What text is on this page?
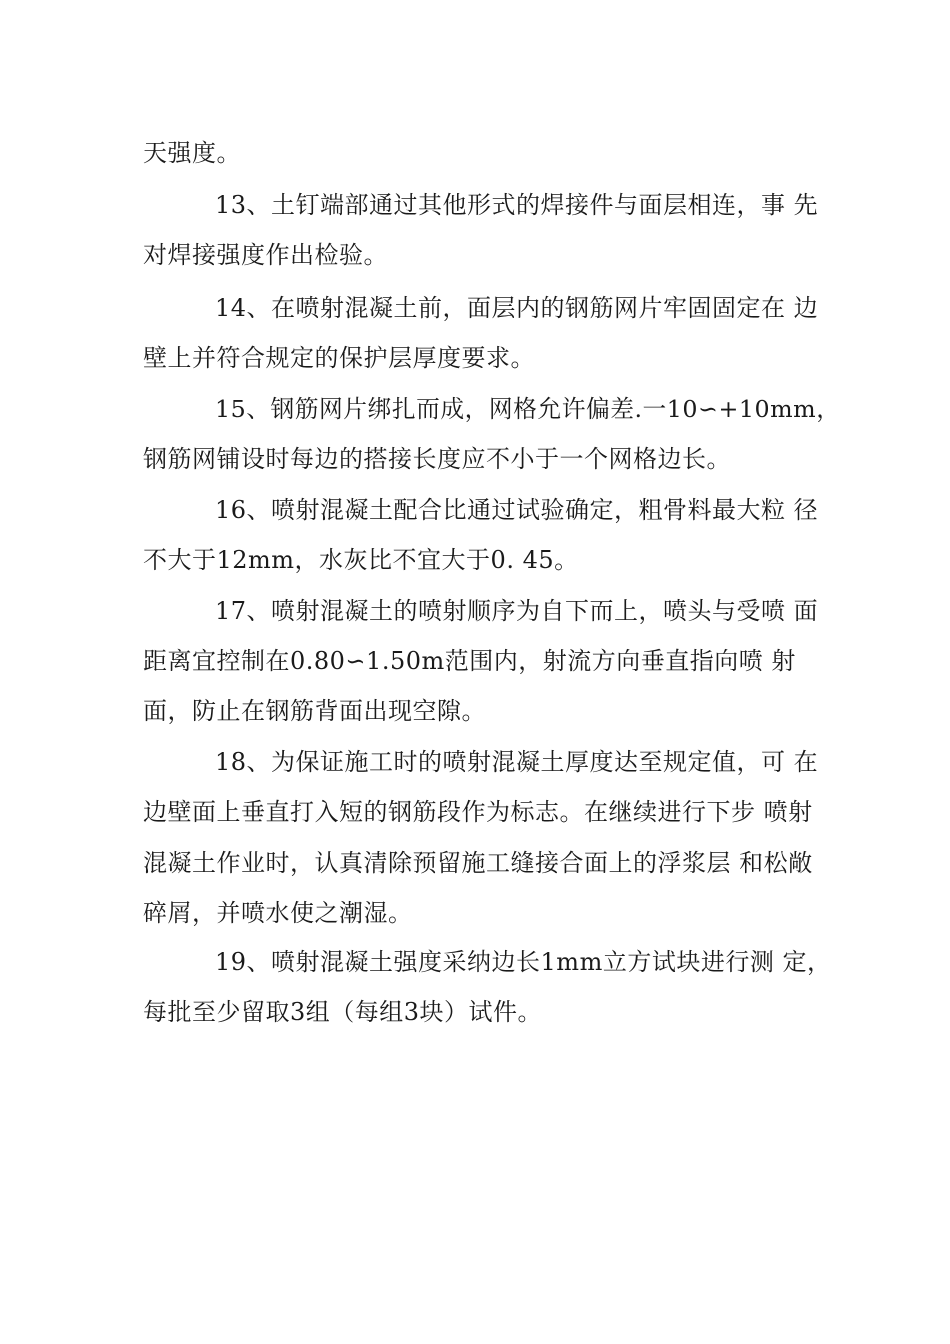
天强度。
13、土钉端部通过其他形式的焊接件与面层相连，事 先
对焊接强度作出检验。
14、在喷射混凝土前，面层内的钢筋网片牢固固定在 边
壁上并符合规定的保护层厚度要求。
15、钢筋网片绑扎而成，网格允许偏差.一10∽+10mm，
钢筋网铺设时每边的搭接长度应不小于一个网格边长。
16、喷射混凝土配合比通过试验确定，粗骨料最大粒 径
不大于12mm，水灰比不宜大于0. 45。
17、喷射混凝土的喷射顺序为自下而上，喷头与受喷 面
距离宜控制在0.80∽1.50m范围内，射流方向垂直指向喷 射
面，防止在钢筋背面出现空隙。
18、为保证施工时的喷射混凝土厚度达至规定值，可 在
边壁面上垂直打入短的钢筋段作为标志。在继续进行下步 喷射
混凝土作业时，认真清除预留施工缝接合面上的浮浆层 和松敞
碎屑，并喷水使之潮湿。
19、喷射混凝土强度采纳边长1mm立方试块进行测 定，
每批至少留取3组（每组3块）试件。
